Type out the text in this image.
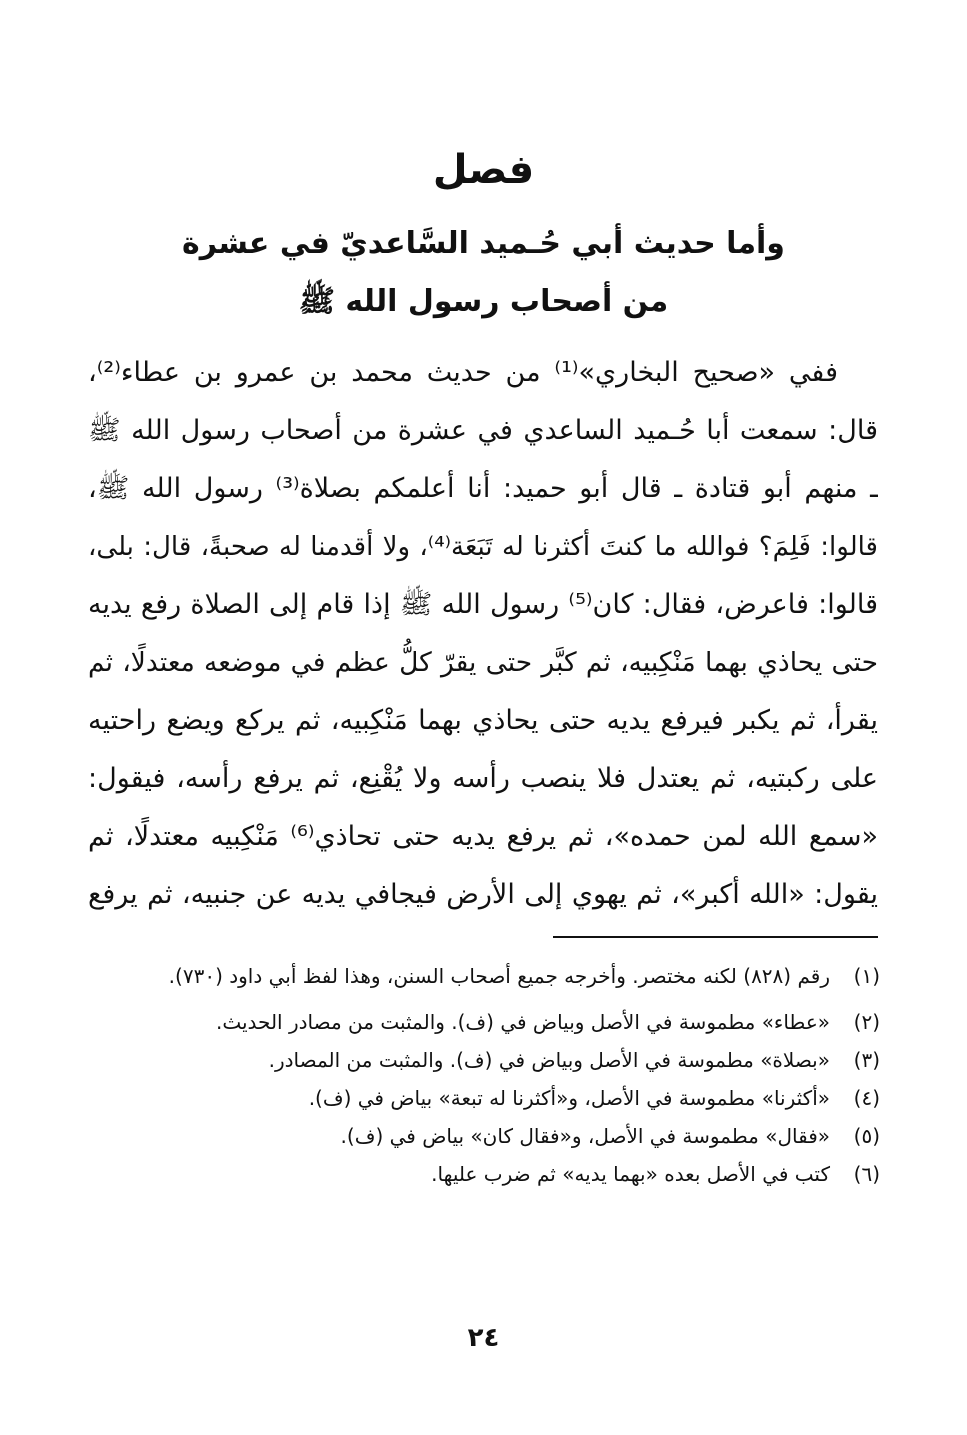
فصل
وأما حديث أبي حُـميد السَّاعديّ في عشرة
من أصحاب رسول الله ﷺ

ففي «صحيح البخاري»⁽¹⁾ من حديث محمد بن عمرو بن عطاء⁽²⁾،

قال: سمعت أبا حُـميد الساعدي في عشرة من أصحاب رسول الله ﷺ

ـ منهم أبو قتادة ـ قال أبو حميد: أنا أعلمكم بصلاة⁽³⁾ رسول الله ﷺ،

قالوا: فَلِمَ؟ فوالله ما كنتَ أكثرنا له تَبَعَة⁽⁴⁾، ولا أقدمنا له صحبةً، قال: بلى،

قالوا: فاعرض، فقال: كان⁽⁵⁾ رسول الله ﷺ إذا قام إلى الصلاة رفع يديه

حتى يحاذي بهما مَنْكِبيه، ثم كبَّر حتى يقرّ كلُّ عظم في موضعه معتدلًا، ثم

يقرأ، ثم يكبر فيرفع يديه حتى يحاذي بهما مَنْكِبيه، ثم يركع ويضع راحتيه

على ركبتيه، ثم يعتدل فلا ينصب رأسه ولا يُقْنِع، ثم يرفع رأسه، فيقول:

«سمع الله لمن حمده»، ثم يرفع يديه حتى تحاذي⁽⁶⁾ مَنْكِبيه معتدلًا، ثم

يقول: «الله أكبر»، ثم يهوي إلى الأرض فيجافي يديه عن جنبيه، ثم يرفع

(١)
رقم (٨٢٨) لكنه مختصر. وأخرجه جميع أصحاب السنن، وهذا لفظ أبي داود (٧٣٠).
(٢)
«عطاء» مطموسة في الأصل وبياض في (ف). والمثبت من مصادر الحديث.
(٣)
«بصلاة» مطموسة في الأصل وبياض في (ف). والمثبت من المصادر.
(٤)
«أكثرنا» مطموسة في الأصل، و«أكثرنا له تبعة» بياض في (ف).
(٥)
«فقال» مطموسة في الأصل، و«فقال كان» بياض في (ف).
(٦)
كتب في الأصل بعده «بهما يديه» ثم ضرب عليها.
٢٤
